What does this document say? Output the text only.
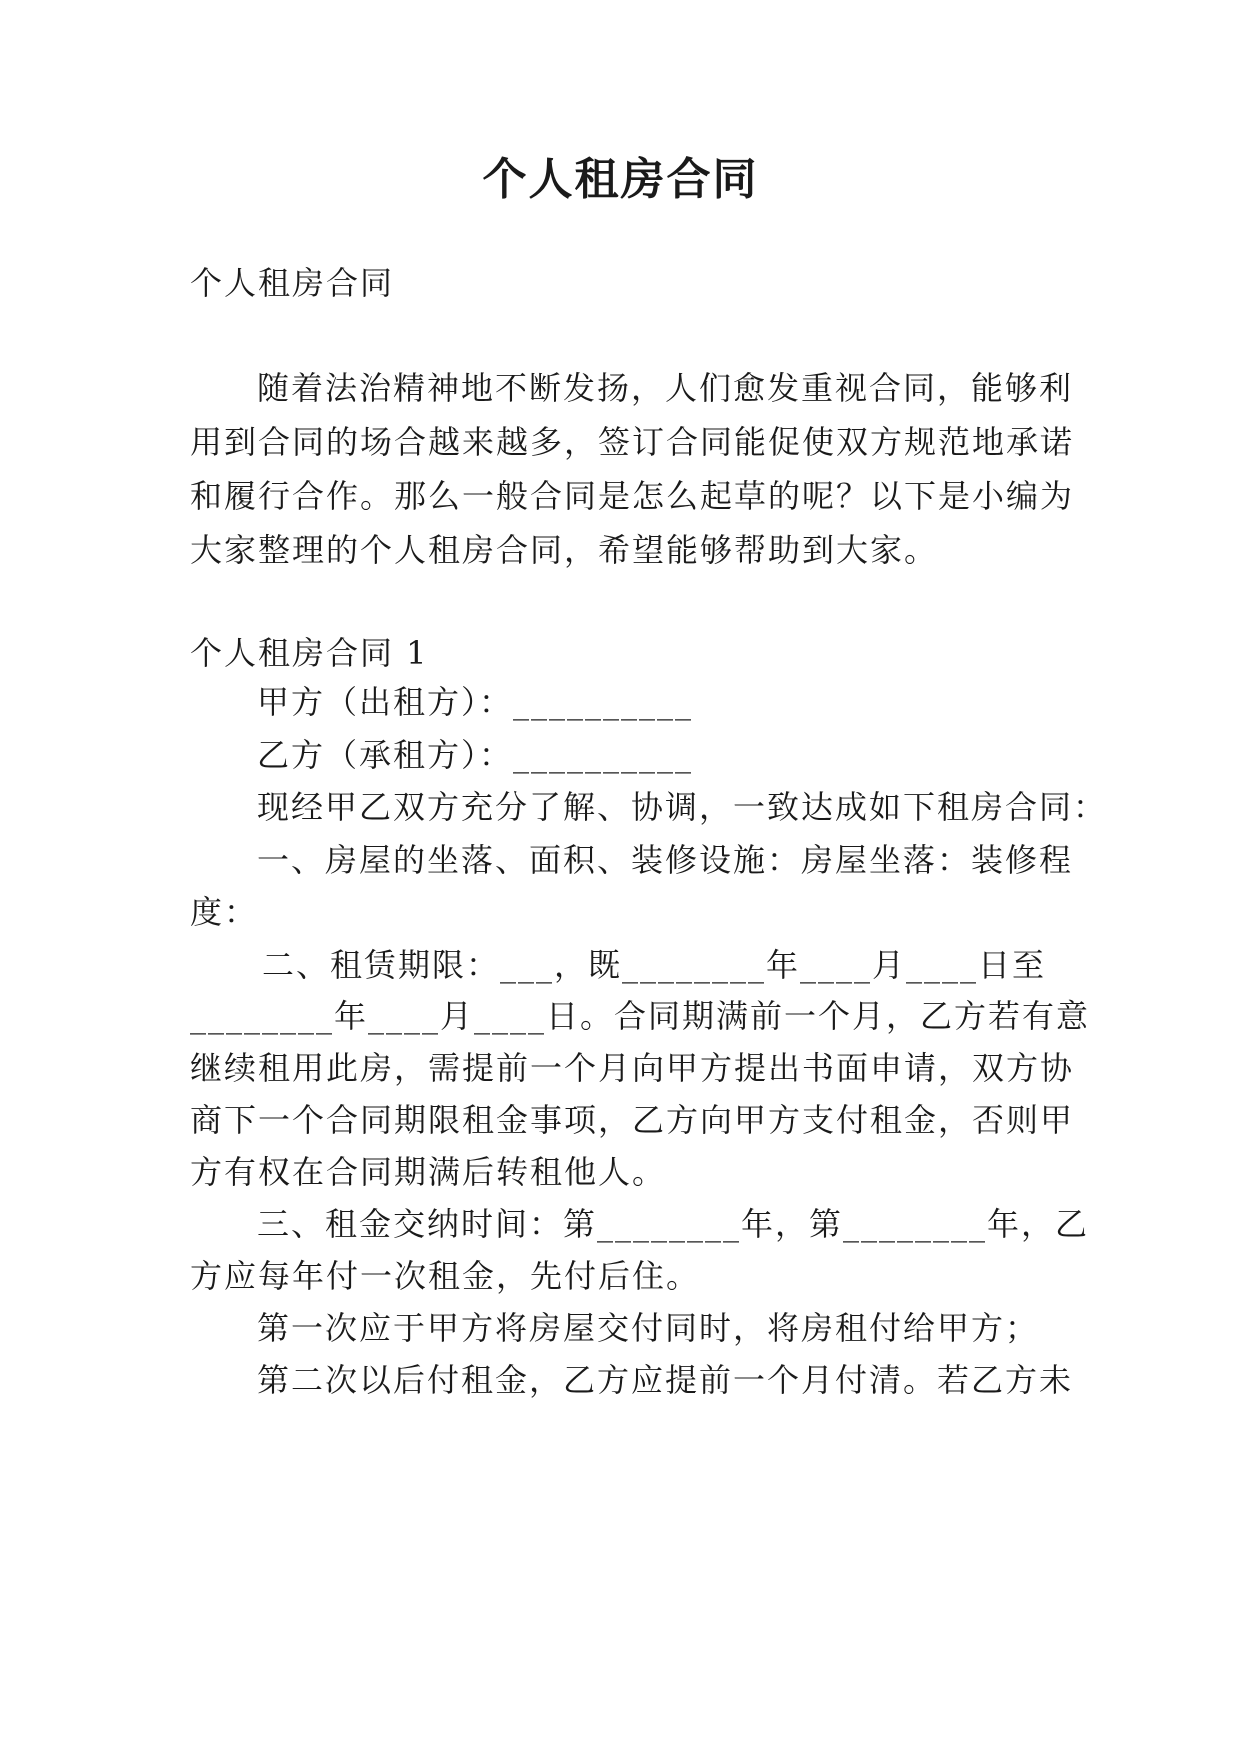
个人租房合同
个人租房合同
随着法治精神地不断发扬，人们愈发重视合同，能够利
用到合同的场合越来越多，签订合同能促使双方规范地承诺
和履行合作。那么一般合同是怎么起草的呢？以下是小编为
大家整理的个人租房合同，希望能够帮助到大家。
个人租房合同 1
甲方（出租方）：__________
乙方（承租方）：__________
现经甲乙双方充分了解、协调，一致达成如下租房合同：
一、房屋的坐落、面积、装修设施：房屋坐落：装修程
度：
二、租赁期限：___，既________年____月____日至
________年____月____日。合同期满前一个月，乙方若有意
继续租用此房，需提前一个月向甲方提出书面申请，双方协
商下一个合同期限租金事项，乙方向甲方支付租金，否则甲
方有权在合同期满后转租他人。
三、租金交纳时间：第________年，第________年，乙
方应每年付一次租金，先付后住。
第一次应于甲方将房屋交付同时，将房租付给甲方；
第二次以后付租金，乙方应提前一个月付清。若乙方未
